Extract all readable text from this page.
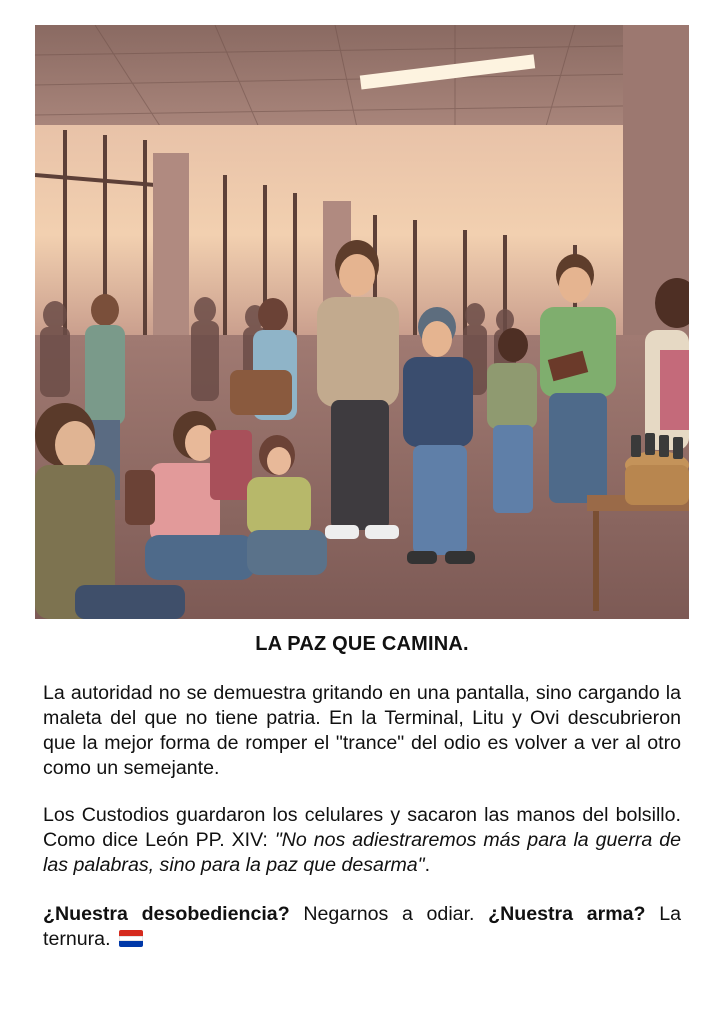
LA PAZ QUE CAMINA.
La autoridad no se demuestra gritando en una pantalla, sino cargando la maleta del que no tiene patria. En la Terminal, Litu y Ovi descubrieron que la mejor forma de romper el "trance" del odio es volver a ver al otro como un semejante.
Los Custodios guardaron los celulares y sacaron las manos del bolsillo. Como dice León PP. XIV: "No nos adiestraremos más para la guerra de las palabras, sino para la paz que desarma".
¿Nuestra desobediencia? Negarnos a odiar. ¿Nuestra arma? La ternura.
